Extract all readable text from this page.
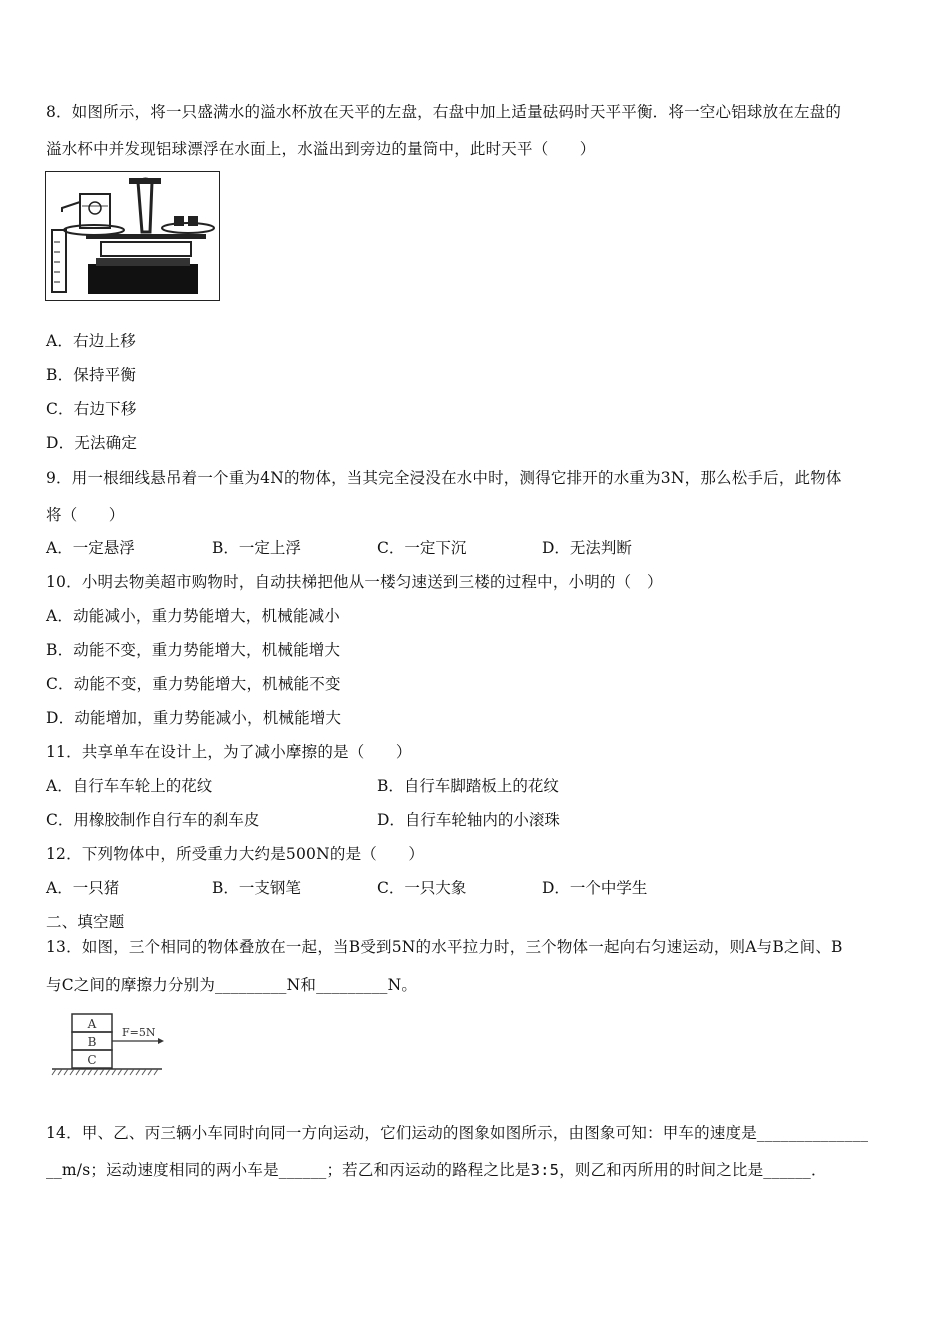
8．如图所示，将一只盛满水的溢水杯放在天平的左盘，右盘中加上适量砝码时天平平衡．将一空心铝球放在左盘的
溢水杯中并发现铝球漂浮在水面上，水溢出到旁边的量筒中，此时天平（　　）
A．右边上移
B．保持平衡
C．右边下移
D．无法确定
9．用一根细线悬吊着一个重为4N的物体，当其完全浸没在水中时，测得它排开的水重为3N，那么松手后，此物体
将（　　）
A．一定悬浮	B．一定上浮	C．一定下沉	D．无法判断
10．小明去物美超市购物时，自动扶梯把他从一楼匀速送到三楼的过程中，小明的（　）
A．动能减小，重力势能增大，机械能减小
B．动能不变，重力势能增大，机械能增大
C．动能不变，重力势能增大，机械能不变
D．动能增加，重力势能减小，机械能增大
11．共享单车在设计上，为了减小摩擦的是（　　）
A．自行车车轮上的花纹	B．自行车脚踏板上的花纹
C．用橡胶制作自行车的刹车皮	D．自行车轮轴内的小滚珠
12．下列物体中，所受重力大约是500N的是（　　）
A．一只猪	B．一支钢笔	C．一只大象	D．一个中学生
二、填空题
13．如图，三个相同的物体叠放在一起，当B受到5N的水平拉力时，三个物体一起向右匀速运动，则A与B之间、B
与C之间的摩擦力分别为_________N和_________N。
A
B
C
F=5N
14．甲、乙、丙三辆小车同时向同一方向运动，它们运动的图象如图所示，由图象可知：甲车的速度是______________
__m/s；运动速度相同的两小车是______；若乙和丙运动的路程之比是3:5，则乙和丙所用的时间之比是______．
